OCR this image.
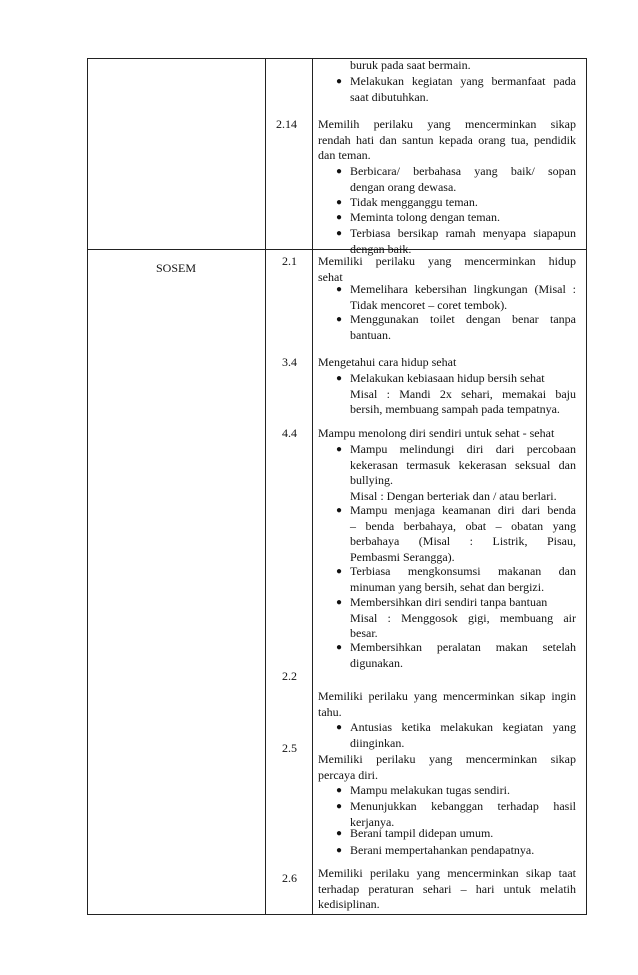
buruk pada saat bermain.
● Melakukan kegiatan yang bermanfaat pada
saat dibutuhkan.
2.14 Memilih perilaku yang mencerminkan sikap
rendah hati dan santun kepada orang tua, pendidik
dan teman.
● Berbicara/ berbahasa yang baik/ sopan
dengan orang dewasa.
● Tidak mengganggu teman.
● Meminta tolong dengan teman.
● Terbiasa bersikap ramah menyapa siapapun
dengan baik.
SOSEM	2.1 Memiliki perilaku yang mencerminkan hidup
sehat
● Memelihara kebersihan lingkungan (Misal :
Tidak mencoret – coret tembok).
● Menggunakan toilet dengan benar tanpa
bantuan.
3.4 Mengetahui cara hidup sehat
● Melakukan kebiasaan hidup bersih sehat
Misal : Mandi 2x sehari, memakai baju
bersih, membuang sampah pada tempatnya.
4.4 Mampu menolong diri sendiri untuk sehat - sehat
● Mampu melindungi diri dari percobaan
kekerasan termasuk kekerasan seksual dan
bullying.
Misal : Dengan berteriak dan / atau berlari.
● Mampu menjaga keamanan diri dari benda
– benda berbahaya, obat – obatan yang
berbahaya (Misal : Listrik, Pisau,
Pembasmi Serangga).
● Terbiasa mengkonsumsi makanan dan
minuman yang bersih, sehat dan bergizi.
● Membersihkan diri sendiri tanpa bantuan
Misal : Menggosok gigi, membuang air
besar.
● Membersihkan peralatan makan setelah
digunakan.
2.2
Memiliki perilaku yang mencerminkan sikap ingin
tahu.
● Antusias ketika melakukan kegiatan yang
diinginkan.
2.5
Memiliki perilaku yang mencerminkan sikap
percaya diri.
● Mampu melakukan tugas sendiri.
● Menunjukkan kebanggan terhadap hasil
kerjanya.
● Berani tampil didepan umum.
● Berani mempertahankan pendapatnya.
2.6 Memiliki perilaku yang mencerminkan sikap taat
terhadap peraturan sehari – hari untuk melatih
kedisiplinan.
